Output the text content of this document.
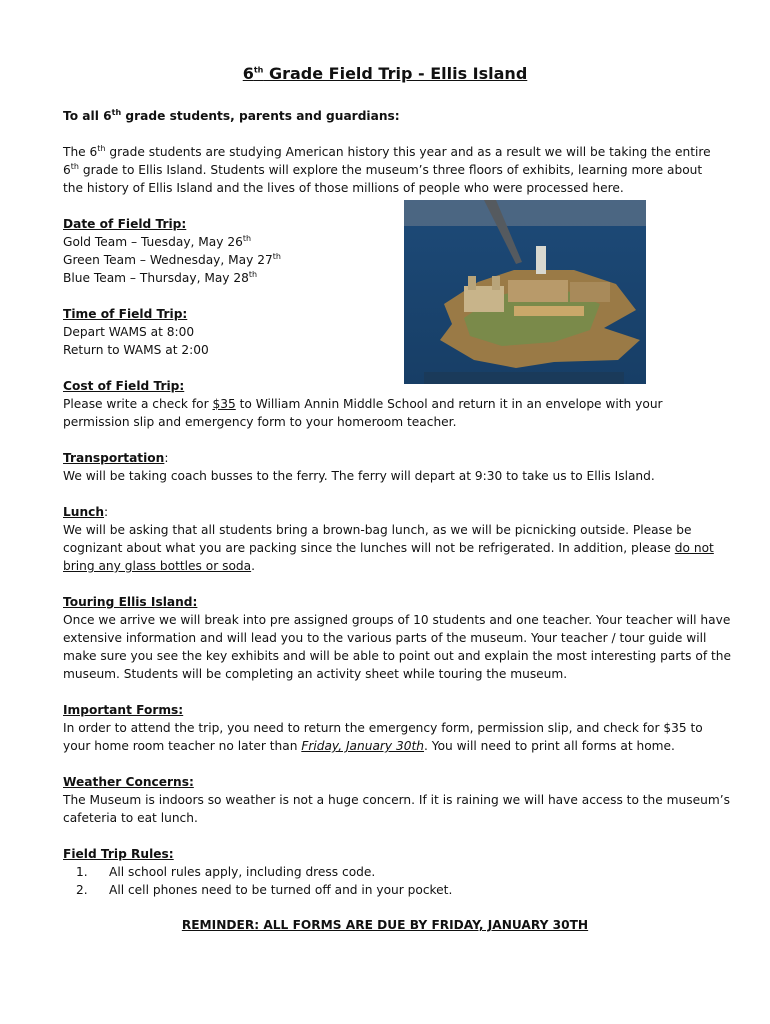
6th Grade Field Trip - Ellis Island
To all 6th grade students, parents and guardians:
The 6th grade students are studying American history this year and as a result we will be taking the entire
6th grade to Ellis Island. Students will explore the museum’s three floors of exhibits, learning more about
the history of Ellis Island and the lives of those millions of people who were processed here.
Date of Field Trip:
Gold Team – Tuesday, May 26th
Green Team – Wednesday, May 27th
Blue Team – Thursday, May 28th
Time of Field Trip:
Depart WAMS at 8:00
Return to WAMS at 2:00
Cost of Field Trip:
Please write a check for $35 to William Annin Middle School and return it in an envelope with your
permission slip and emergency form to your homeroom teacher.
Transportation:
We will be taking coach busses to the ferry. The ferry will depart at 9:30 to take us to Ellis Island.
Lunch:
We will be asking that all students bring a brown-bag lunch, as we will be picnicking outside. Please be
cognizant about what you are packing since the lunches will not be refrigerated. In addition, please do not
bring any glass bottles or soda.
Touring Ellis Island:
Once we arrive we will break into pre assigned groups of 10 students and one teacher. Your teacher will have
extensive information and will lead you to the various parts of the museum. Your teacher / tour guide will
make sure you see the key exhibits and will be able to point out and explain the most interesting parts of the
museum. Students will be completing an activity sheet while touring the museum.
Important Forms:
In order to attend the trip, you need to return the emergency form, permission slip, and check for $35 to
your home room teacher no later than Friday, January 30th. You will need to print all forms at home.
Weather Concerns:
The Museum is indoors so weather is not a huge concern. If it is raining we will have access to the museum’s
cafeteria to eat lunch.
Field Trip Rules:
1. All school rules apply, including dress code.
2. All cell phones need to be turned off and in your pocket.
REMINDER: ALL FORMS ARE DUE BY FRIDAY, JANUARY 30TH
